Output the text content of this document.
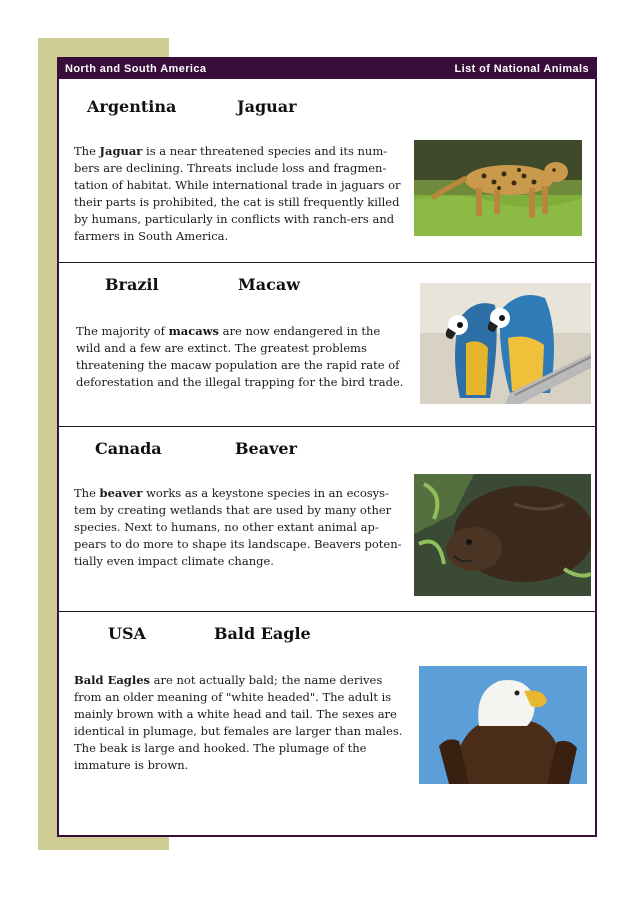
North and South America	List of National Animals
Argentina	Jaguar
The Jaguar is a near threatened species and its num-bers are declining. Threats include loss and fragmen-tation of habitat. While international trade in jaguars or their parts is prohibited, the cat is still frequently killed by humans, particularly in conflicts with ranch-ers and farmers in South America.
Brazil	Macaw
The majority of macaws are now endangered in the wild and a few are extinct. The greatest problems threatening the macaw population are the rapid rate of deforestation and the illegal trapping for the bird trade.
Canada	Beaver
The beaver works as a keystone species in an ecosys-tem by creating wetlands that are used by many other species. Next to humans, no other extant animal ap-pears to do more to shape its landscape. Beavers poten-tially even impact climate change.
USA	Bald Eagle
Bald Eagles are not actually bald; the name derives from an older meaning of "white headed". The adult is mainly brown with a white head and tail. The sexes are identical in plumage, but females are larger than males. The beak is large and hooked. The plumage of the immature is brown.
